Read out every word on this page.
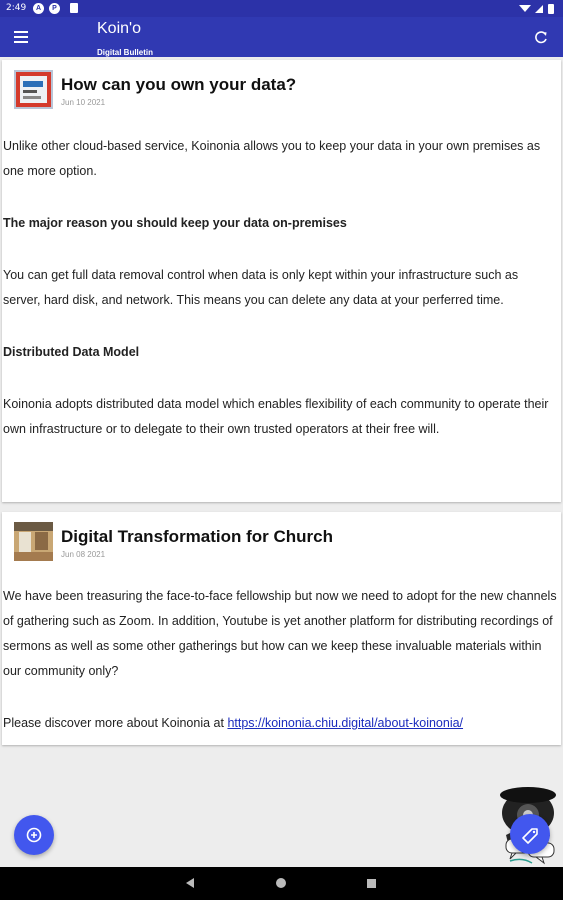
2:49	A	P
Koin'o
Digital Bulletin
How can you own your data?
Jun 10 2021

Unlike other cloud-based service, Koinonia allows you to keep your data in your own premises as one more option.

The major reason you should keep your data on-premises

You can get full data removal control when data is only kept within your infrastructure such as server, hard disk, and network. This means you can delete any data at your perferred time.

Distributed Data Model

Koinonia adopts distributed data model which enables flexibility of each community to operate their own infrastructure or to delegate to their own trusted operators at their free will.

Digital Transformation for Church
Jun 08 2021

We have been treasuring the face-to-face fellowship but now we need to adopt for the new channels of gathering such as Zoom. In addition, Youtube is yet another platform for distributing recordings of sermons as well as some other gatherings but how can we keep these invaluable materials within our community only?

Please discover more about Koinonia at https://koinonia.chiu.digital/about-koinonia/
